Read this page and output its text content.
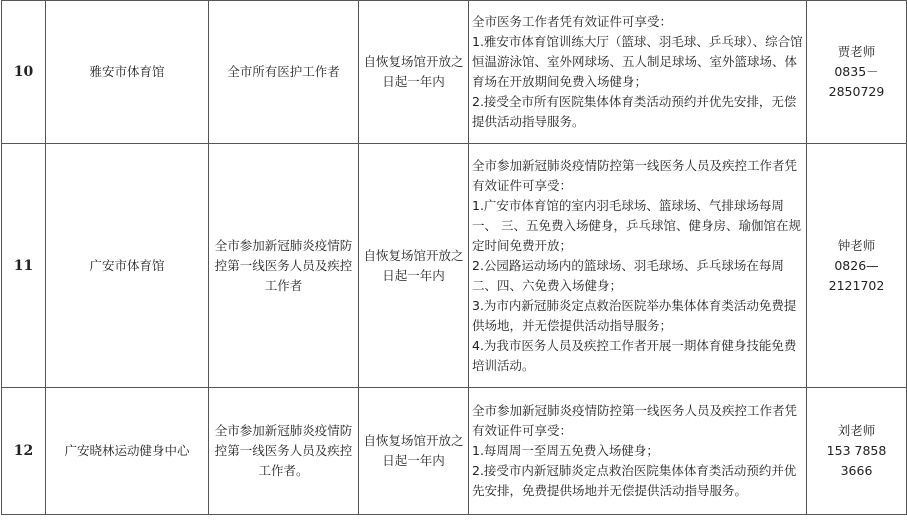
10	雅安市体育馆	全市所有医护工作者	自恢复场馆开放之日起一年内	全市医务工作者凭有效证件可享受：
1.雅安市体育馆训练大厅（篮球、羽毛球、乒乓球）、综合馆恒温游泳馆、室外网球场、五人制足球场、室外篮球场、体育场在开放期间免费入场健身；
2.接受全市所有医院集体体育类活动预约并优先安排，无偿提供活动指导服务。	贾老师
0835－2850729

11	广安市体育馆	全市参加新冠肺炎疫情防控第一线医务人员及疾控工作者	自恢复场馆开放之日起一年内	全市参加新冠肺炎疫情防控第一线医务人员及疾控工作者凭有效证件可享受：
1.广安市体育馆的室内羽毛球场、篮球场、气排球场每周一、 三、五免费入场健身，乒乓球馆、健身房、瑜伽馆在规定时间免费开放；
2.公园路运动场内的篮球场、羽毛球场、乒乓球场在每周二、四、六免费入场健身；
3.为市内新冠肺炎定点救治医院举办集体体育类活动免费提供场地，并无偿提供活动指导服务；
4.为我市医务人员及疾控工作者开展一期体育健身技能免费培训活动。	钟老师
0826—2121702

12	广安晓林运动健身中心	全市参加新冠肺炎疫情防控第一线医务人员及疾控工作者。	自恢复场馆开放之日起一年内	全市参加新冠肺炎疫情防控第一线医务人员及疾控工作者凭有效证件可享受：
1.每周周一至周五免费入场健身；
2.接受市内新冠肺炎定点救治医院集体体育类活动预约并优先安排，免费提供场地并无偿提供活动指导服务。	刘老师
153 7858 3666
